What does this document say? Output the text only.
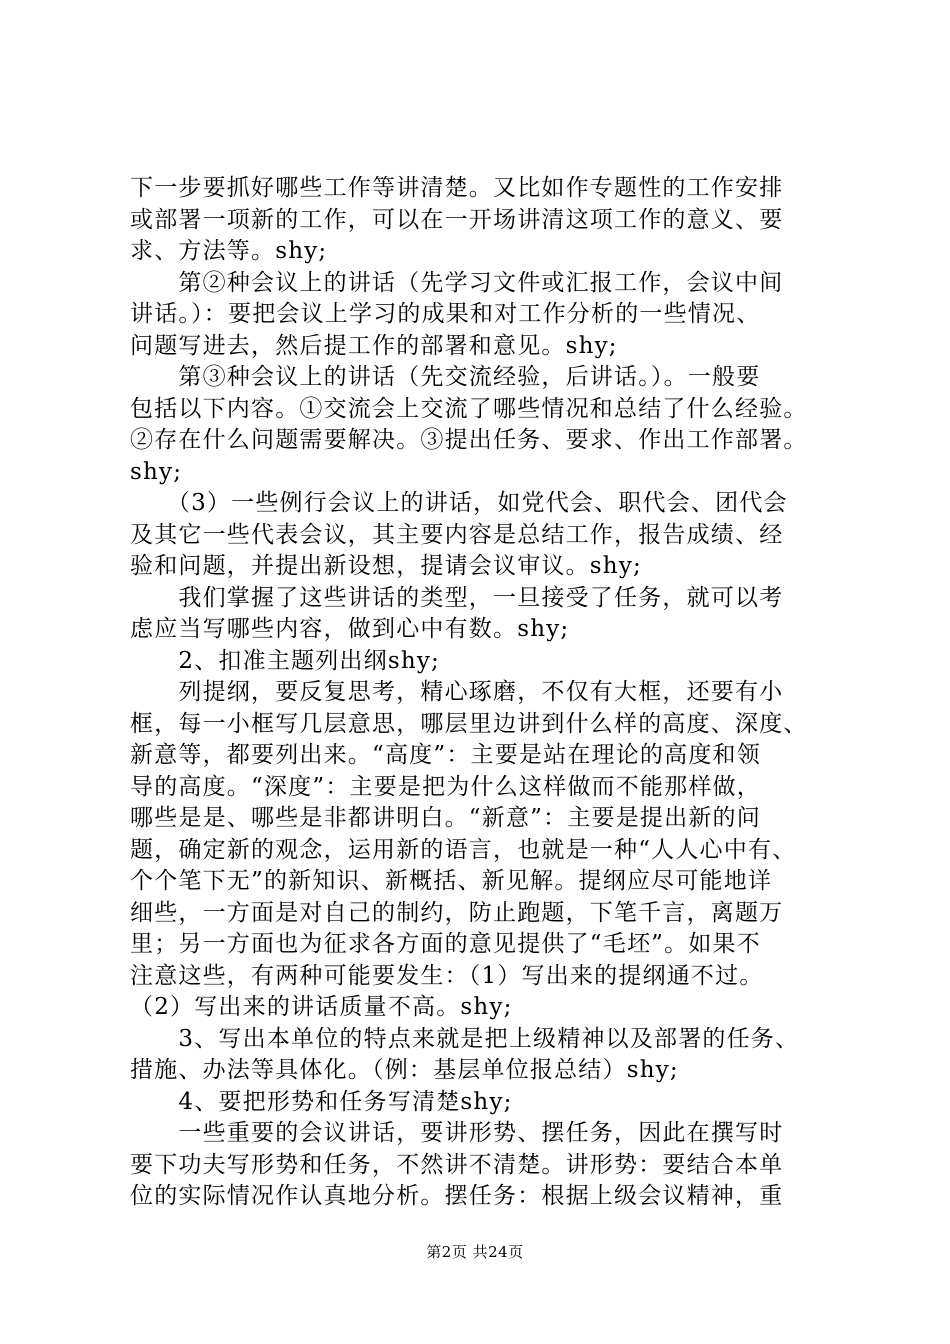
下一步要抓好哪些工作等讲清楚。又比如作专题性的工作安排
或部署一项新的工作，可以在一开场讲清这项工作的意义、要
求、方法等。shy;
　　第②种会议上的讲话（先学习文件或汇报工作，会议中间
讲话。）：要把会议上学习的成果和对工作分析的一些情况、
问题写进去，然后提工作的部署和意见。shy;
　　第③种会议上的讲话（先交流经验，后讲话。）。一般要
包括以下内容。①交流会上交流了哪些情况和总结了什么经验。
②存在什么问题需要解决。③提出任务、要求、作出工作部署。
shy;
　　（3）一些例行会议上的讲话，如党代会、职代会、团代会
及其它一些代表会议，其主要内容是总结工作，报告成绩、经
验和问题，并提出新设想，提请会议审议。shy;
　　我们掌握了这些讲话的类型，一旦接受了任务，就可以考
虑应当写哪些内容，做到心中有数。shy;
　　2、扣准主题列出纲shy;
　　列提纲，要反复思考，精心琢磨，不仅有大框，还要有小
框，每一小框写几层意思，哪层里边讲到什么样的高度、深度、
新意等，都要列出来。“高度”：主要是站在理论的高度和领
导的高度。“深度”：主要是把为什么这样做而不能那样做，
哪些是是、哪些是非都讲明白。“新意”：主要是提出新的问
题，确定新的观念，运用新的语言，也就是一种“人人心中有、
个个笔下无”的新知识、新概括、新见解。提纲应尽可能地详
细些，一方面是对自己的制约，防止跑题，下笔千言，离题万
里；另一方面也为征求各方面的意见提供了“毛坯”。如果不
注意这些，有两种可能要发生：（1）写出来的提纲通不过。
（2）写出来的讲话质量不高。shy;
　　3、写出本单位的特点来就是把上级精神以及部署的任务、
措施、办法等具体化。（例：基层单位报总结）shy;
　　4、要把形势和任务写清楚shy;
　　一些重要的会议讲话，要讲形势、摆任务，因此在撰写时
要下功夫写形势和任务，不然讲不清楚。讲形势：要结合本单
位的实际情况作认真地分析。摆任务：根据上级会议精神，重
第2页 共24页
